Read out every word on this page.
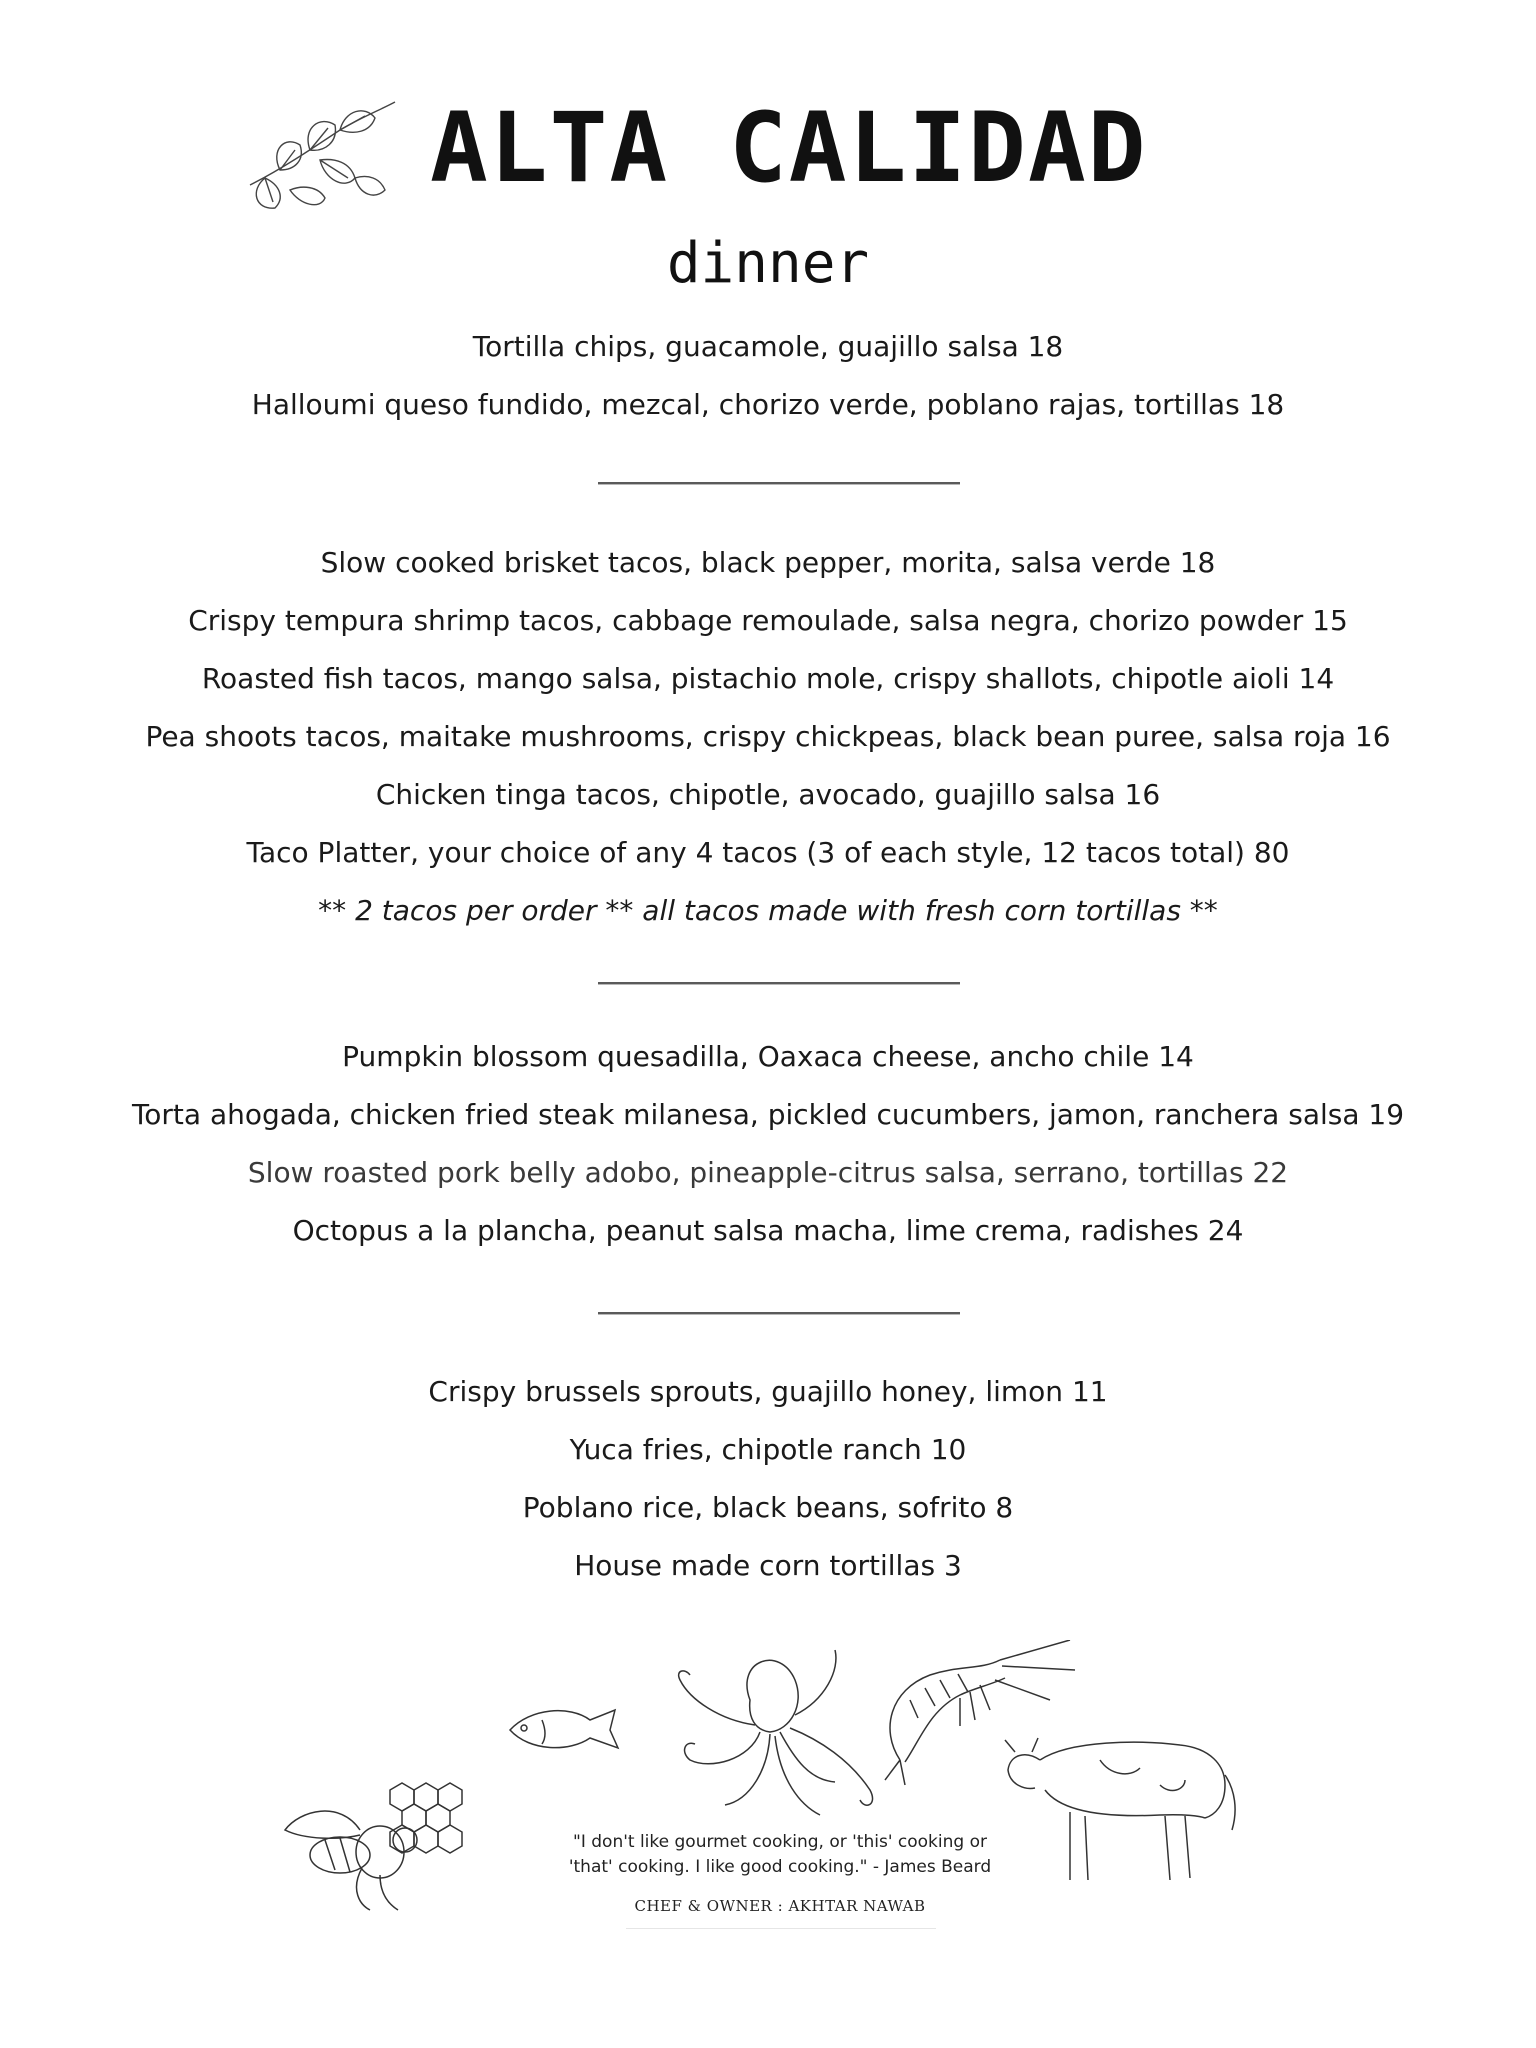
ALTA CALIDAD
dinner
Tortilla chips, guacamole, guajillo salsa 18
Halloumi queso fundido, mezcal, chorizo verde, poblano rajas, tortillas 18
Slow cooked brisket tacos, black pepper, morita, salsa verde 18
Crispy tempura shrimp tacos, cabbage remoulade, salsa negra, chorizo powder 15
Roasted fish tacos, mango salsa, pistachio mole, crispy shallots, chipotle aioli 14
Pea shoots tacos, maitake mushrooms, crispy chickpeas, black bean puree, salsa roja 16
Chicken tinga tacos, chipotle, avocado, guajillo salsa 16
Taco Platter, your choice of any 4 tacos (3 of each style, 12 tacos total) 80
** 2 tacos per order ** all tacos made with fresh corn tortillas **
Pumpkin blossom quesadilla, Oaxaca cheese, ancho chile 14
Torta ahogada, chicken fried steak milanesa, pickled cucumbers, jamon, ranchera salsa 19
Slow roasted pork belly adobo, pineapple-citrus salsa, serrano, tortillas 22
Octopus a la plancha, peanut salsa macha, lime crema, radishes 24
Crispy brussels sprouts, guajillo honey, limon 11
Yuca fries, chipotle ranch 10
Poblano rice, black beans, sofrito 8
House made corn tortillas 3
"I don't like gourmet cooking, or 'this' cooking or
'that' cooking. I like good cooking." - James Beard
CHEF & OWNER : AKHTAR NAWAB
